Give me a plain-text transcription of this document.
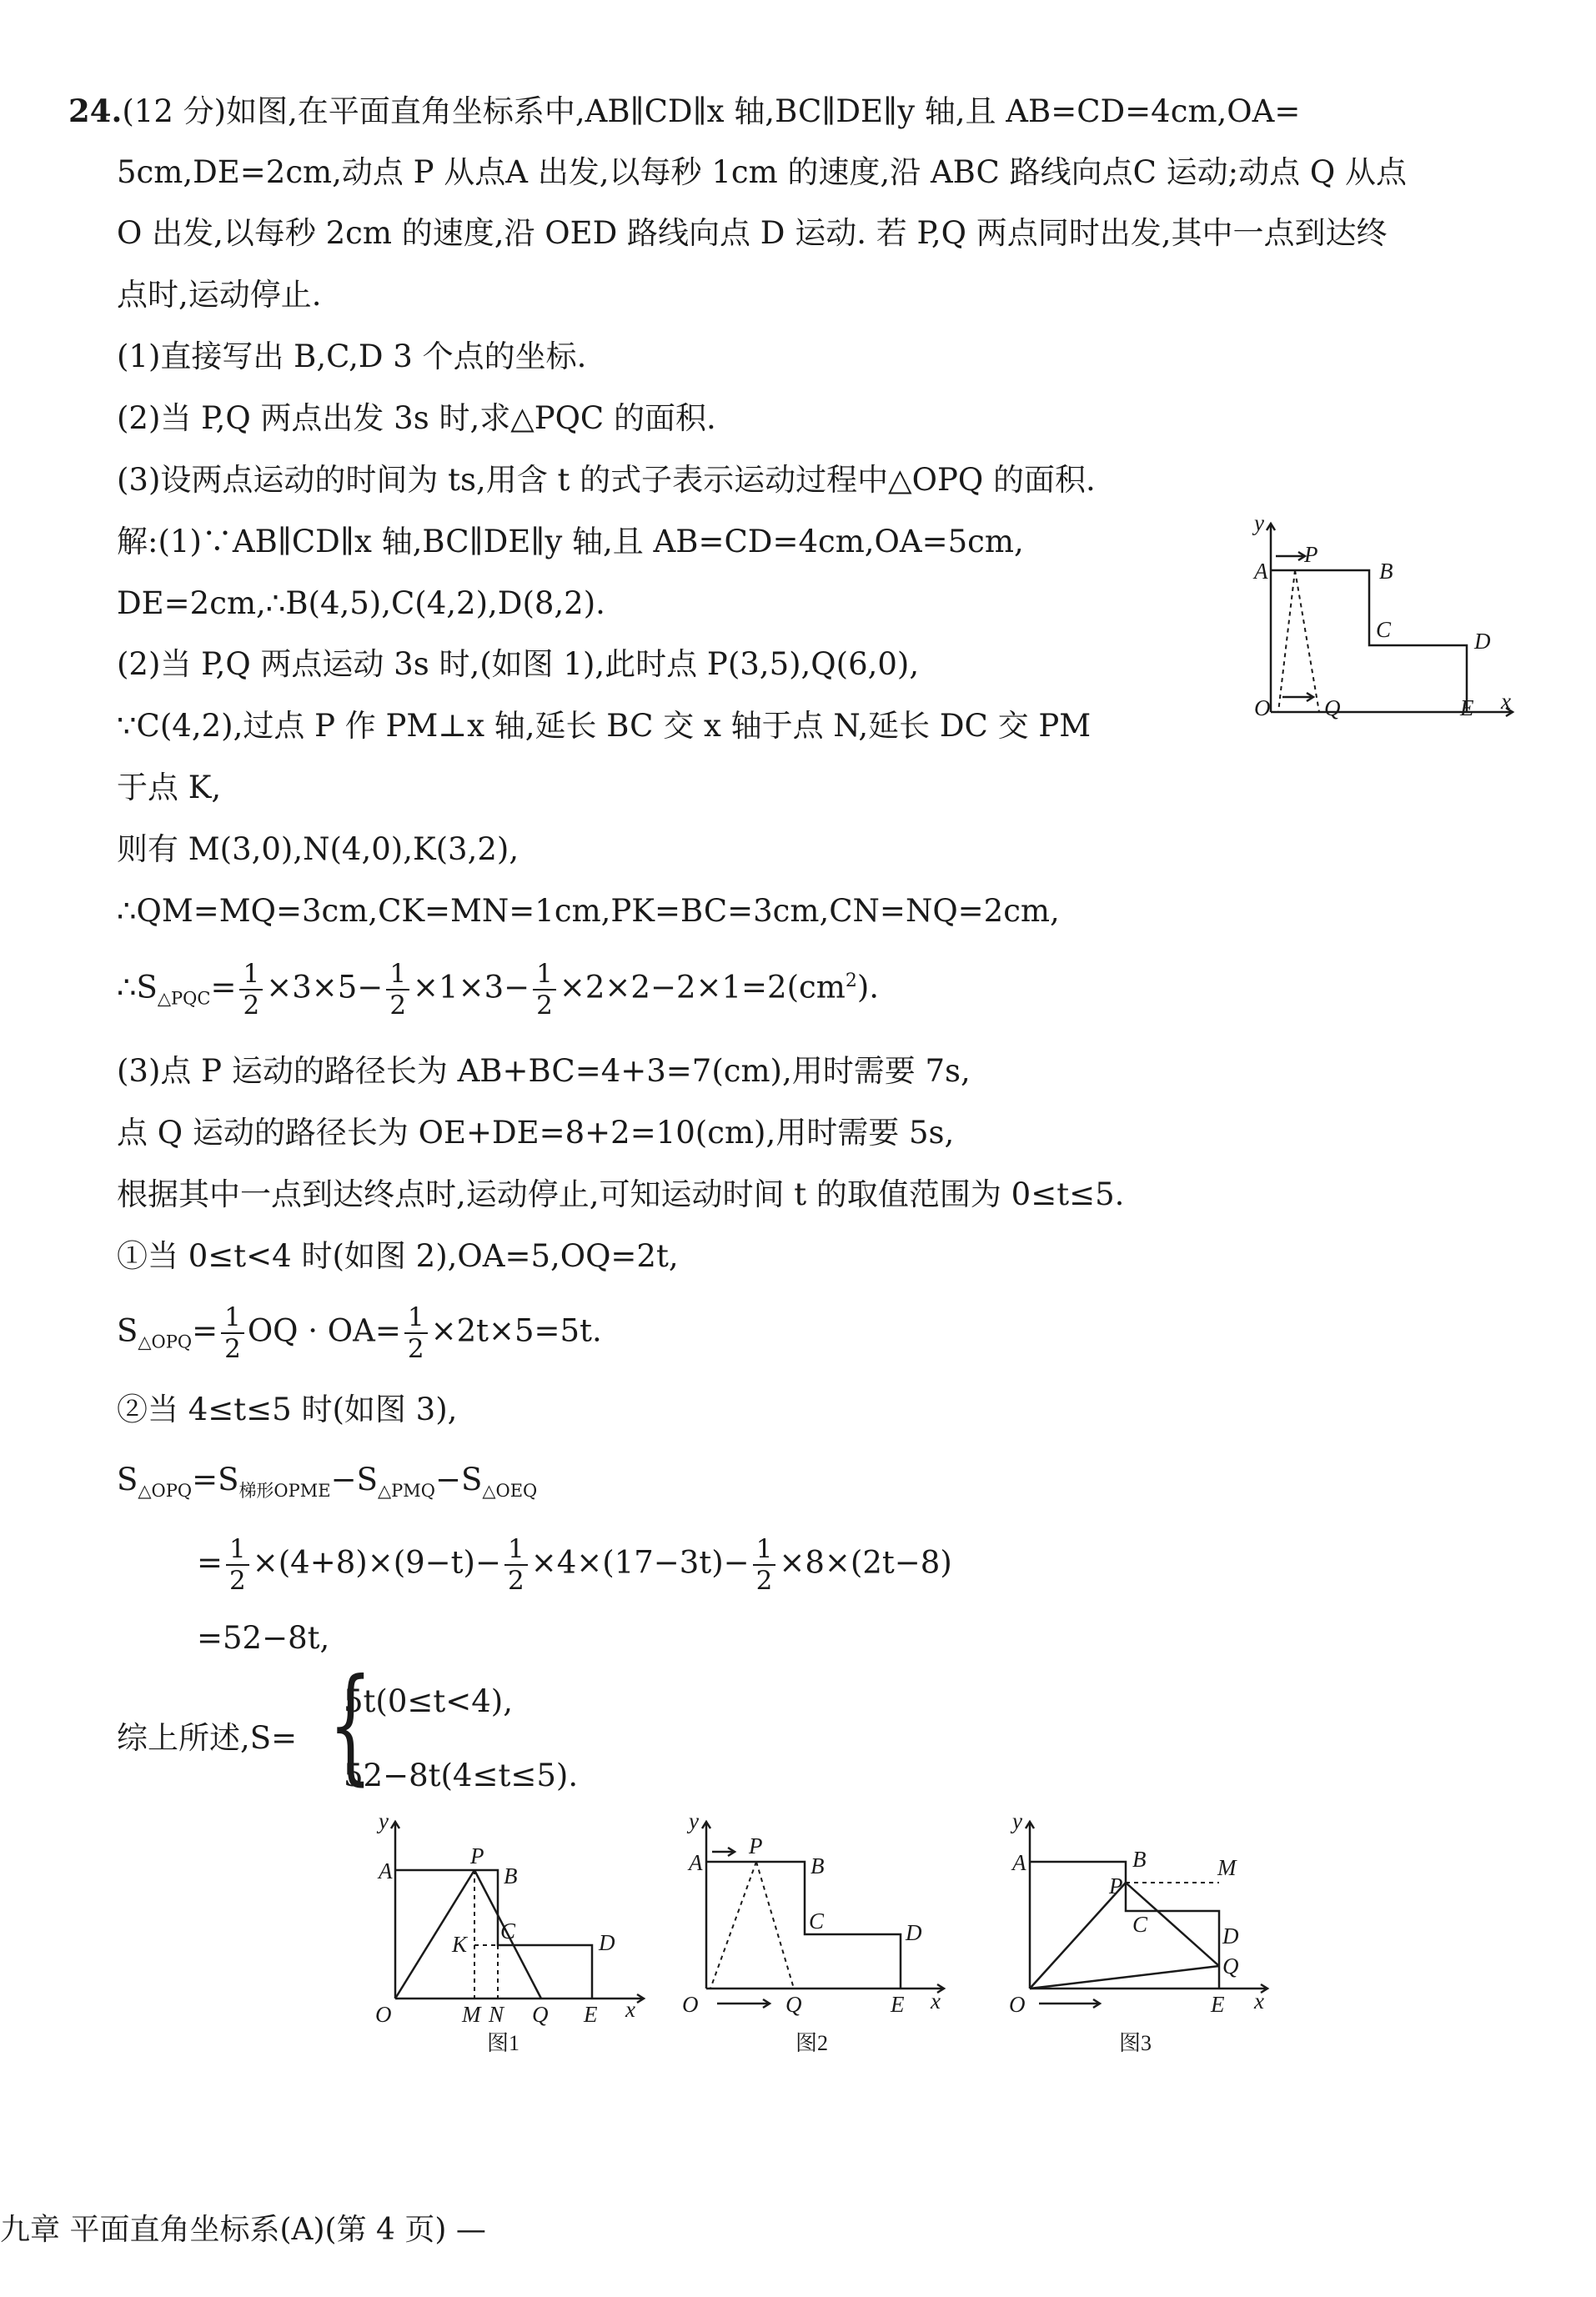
24.(12 分)如图,在平面直角坐标系中,AB∥CD∥x 轴,BC∥DE∥y 轴,且 AB=CD=4cm,OA=
5cm,DE=2cm,动点 P 从点A 出发,以每秒 1cm 的速度,沿 ABC 路线向点C 运动;动点 Q 从点
O 出发,以每秒 2cm 的速度,沿 OED 路线向点 D 运动. 若 P,Q 两点同时出发,其中一点到达终
点时,运动停止.
(1)直接写出 B,C,D 3 个点的坐标.
(2)当 P,Q 两点出发 3s 时,求△PQC 的面积.
(3)设两点运动的时间为 ts,用含 t 的式子表示运动过程中△OPQ 的面积.
解:(1)∵AB∥CD∥x 轴,BC∥DE∥y 轴,且 AB=CD=4cm,OA=5cm,
DE=2cm,∴B(4,5),C(4,2),D(8,2).
(2)当 P,Q 两点运动 3s 时,(如图 1),此时点 P(3,5),Q(6,0),
∵C(4,2),过点 P 作 PM⊥x 轴,延长 BC 交 x 轴于点 N,延长 DC 交 PM
于点 K,
则有 M(3,0),N(4,0),K(3,2),
∴QM=MQ=3cm,CK=MN=1cm,PK=BC=3cm,CN=NQ=2cm,
$\therefore S_{\triangle PQC}= \frac{1}{2} \times 3\times 5- \frac{1}{2} \times 1\times 3- \frac{1}{2} \times 2\times 2-2\times 1=2(cm^2)$.
(3)点 P 运动的路径长为 AB+BC=4+3=7(cm),用时需要 7s,
点 Q 运动的路径长为 OE+DE=8+2=10(cm),用时需要 5s,
根据其中一点到达终点时,运动停止,可知运动时间 t 的取值范围为 0≤t≤5.
①当 0≤t<4 时(如图 2),OA=5,OQ=2t,
$S_{\triangle OPQ}= \frac{1}{2}$ OQ · $OA= \frac{1}{2} \times 2t\times 5=5t$.
②当 4≤t≤5 时(如图 3),
$S_{\triangle OPQ}=S_{梯形OPME}-S_{\triangle PMQ}-S_{\triangle OEQ}$
= $\frac{1}{2} \times(4+8)\times(9-t)- \frac{1}{2} \times 4\times(17-3t)- \frac{1}{2} \times 8\times(2t-8)$
=52−8t,
综上所述,S= {
5t(0≤t<4),
52−8t(4≤t≤5).
y
A
P
B
C	D
O Q	E x
y
A
P
B
K
C	D
O	M N Q E x
图1
y
A
P
B
C	D
O	Q	E x
图2
y
A	B
P
M
C	D
Q
O	E x
图3
九章 平面直角坐标系(A)(第 4 页) —
